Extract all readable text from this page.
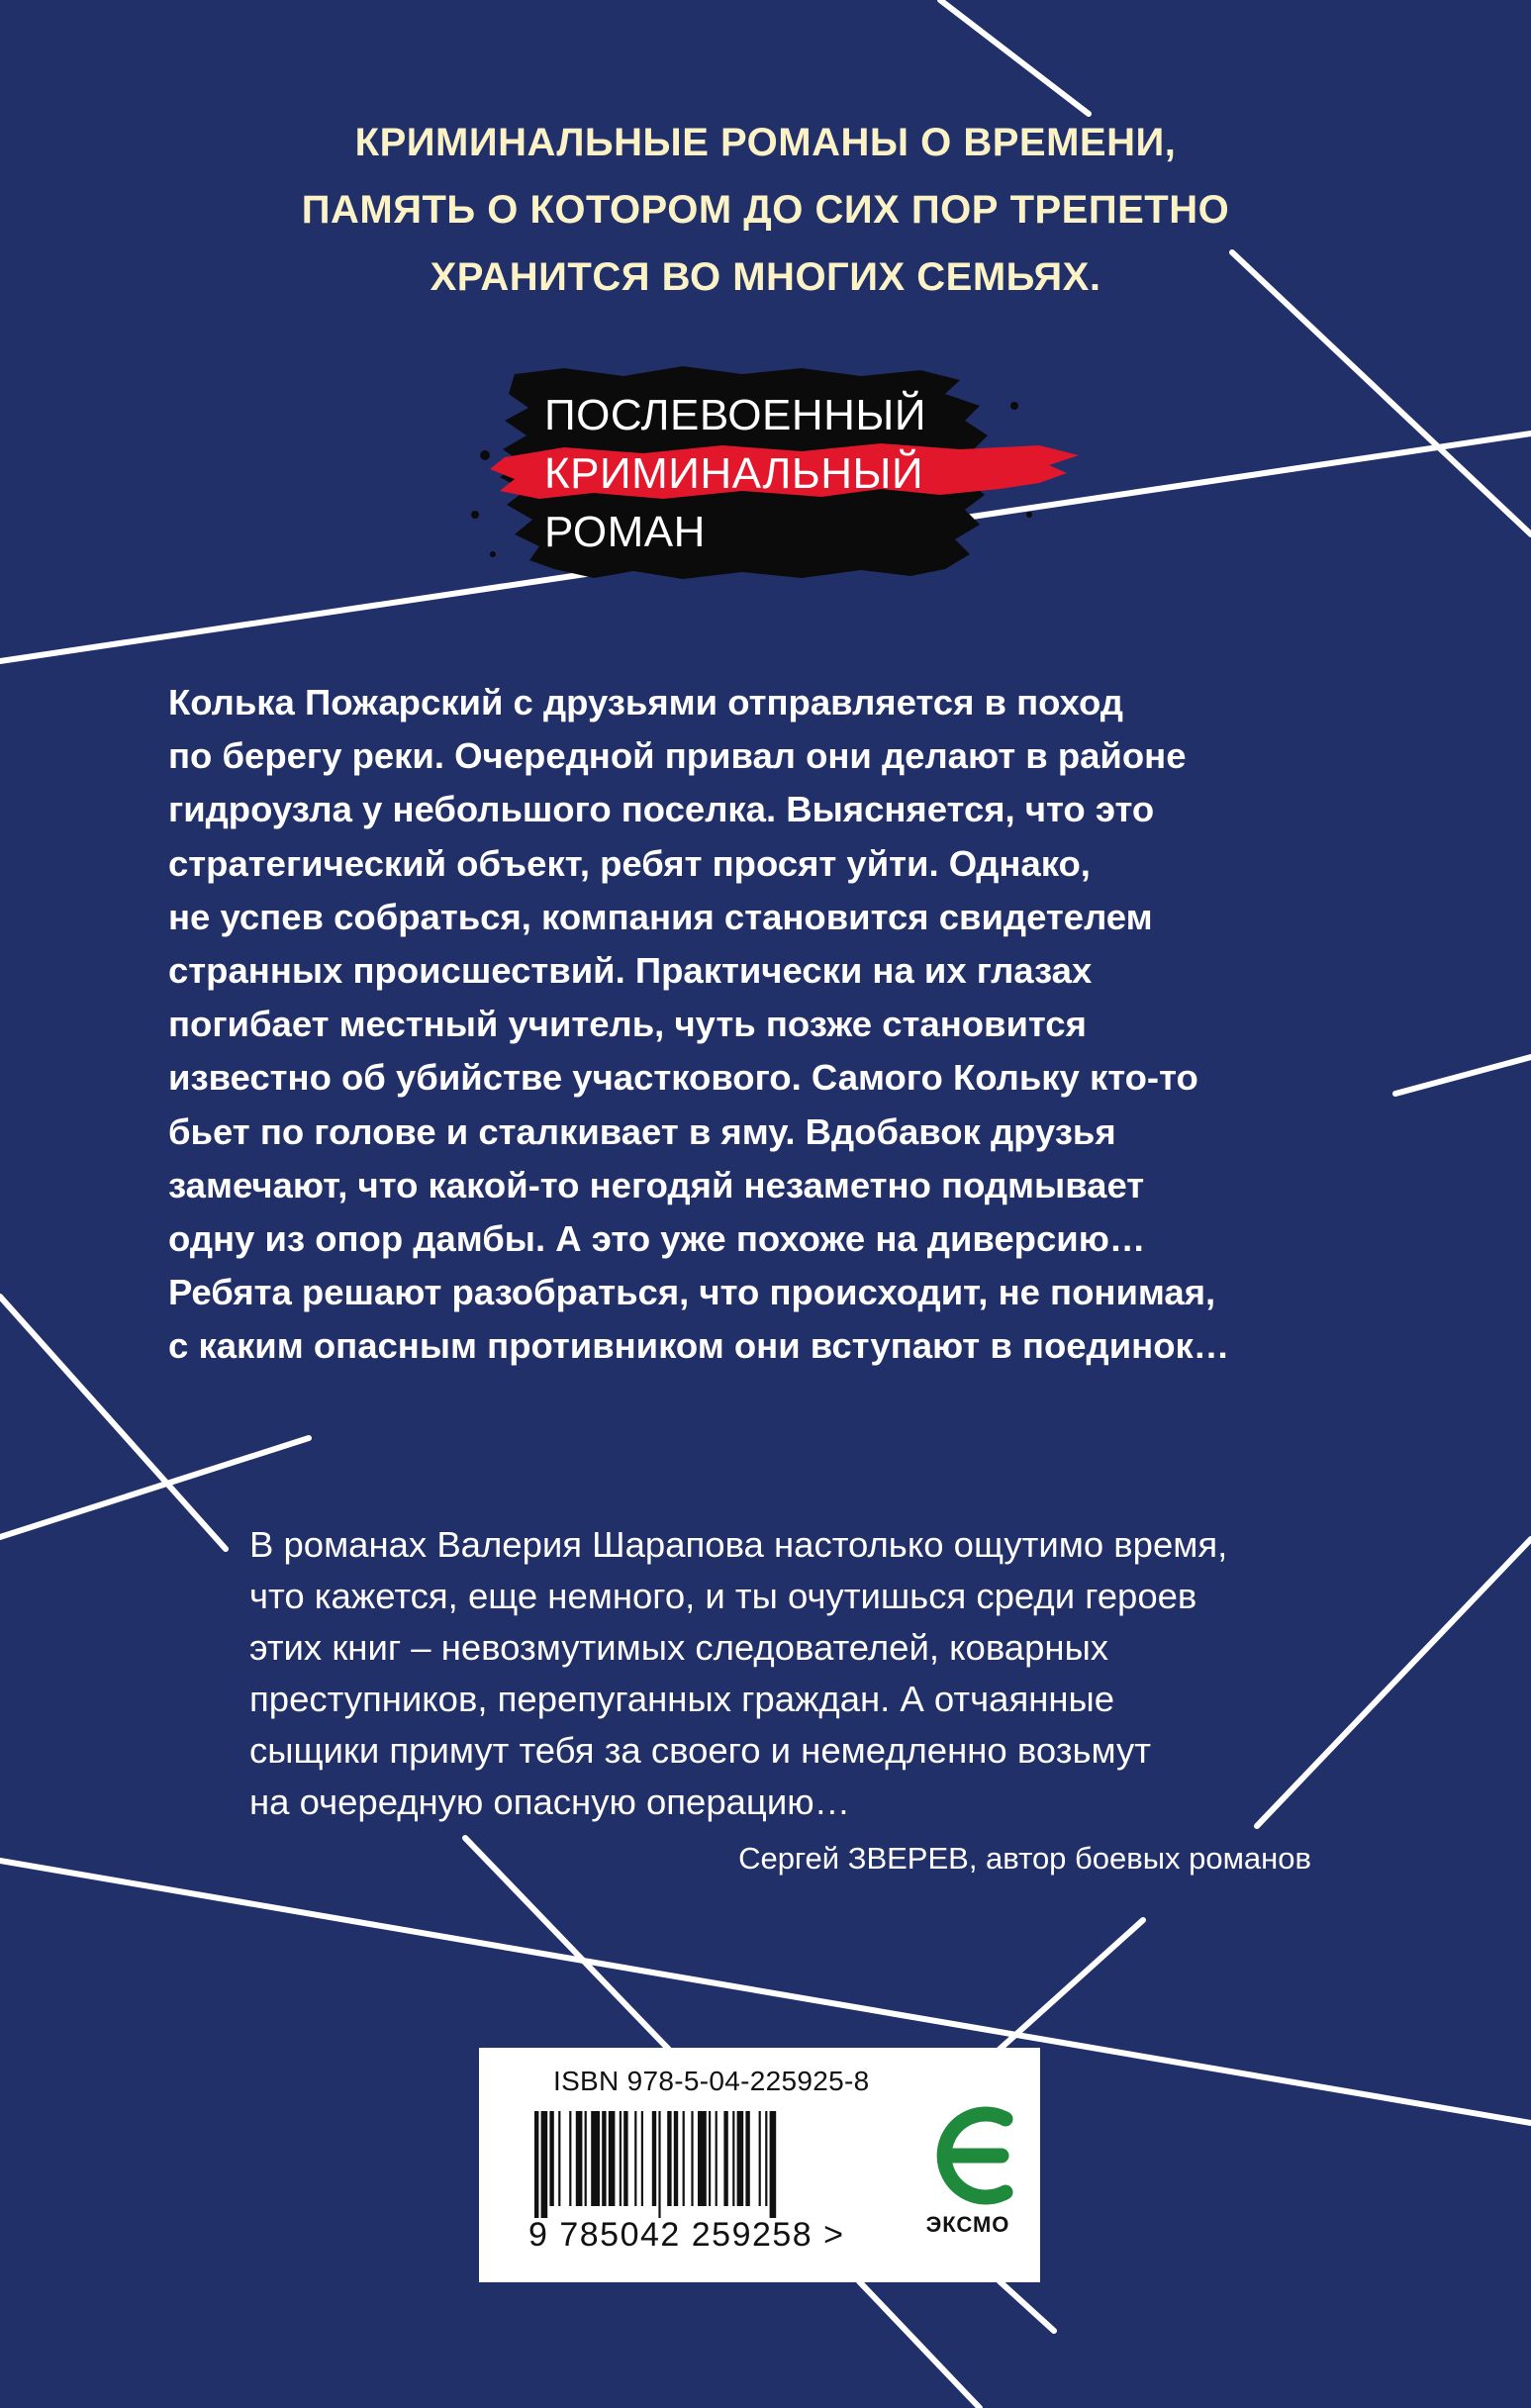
КРИМИНАЛЬНЫЕ РОМАНЫ О ВРЕМЕНИ,
ПАМЯТЬ О КОТОРОМ ДО СИХ ПОР ТРЕПЕТНО
ХРАНИТСЯ ВО МНОГИХ СЕМЬЯХ.
ПОСЛЕВОЕННЫЙ
КРИМИНАЛЬНЫЙ
РОМАН
Колька Пожарский с друзьями отправляется в поход
по берегу реки. Очередной привал они делают в районе
гидроузла у небольшого поселка. Выясняется, что это
стратегический объект, ребят просят уйти. Однако,
не успев собраться, компания становится свидетелем
странных происшествий. Практически на их глазах
погибает местный учитель, чуть позже становится
известно об убийстве участкового. Самого Кольку кто-то
бьет по голове и сталкивает в яму. Вдобавок друзья
замечают, что какой-то негодяй незаметно подмывает
одну из опор дамбы. А это уже похоже на диверсию…
Ребята решают разобраться, что происходит, не понимая,
с каким опасным противником они вступают в поединок…
В романах Валерия Шарапова настолько ощутимо время,
что кажется, еще немного, и ты очутишься среди героев
этих книг – невозмутимых следователей, коварных
преступников, перепуганных граждан. А отчаянные
сыщики примут тебя за своего и немедленно возьмут
на очередную опасную операцию…
Сергей ЗВЕРЕВ, автор боевых романов
ISBN 978-5-04-225925-8
9 785042 259258 >	ЭКСМО
